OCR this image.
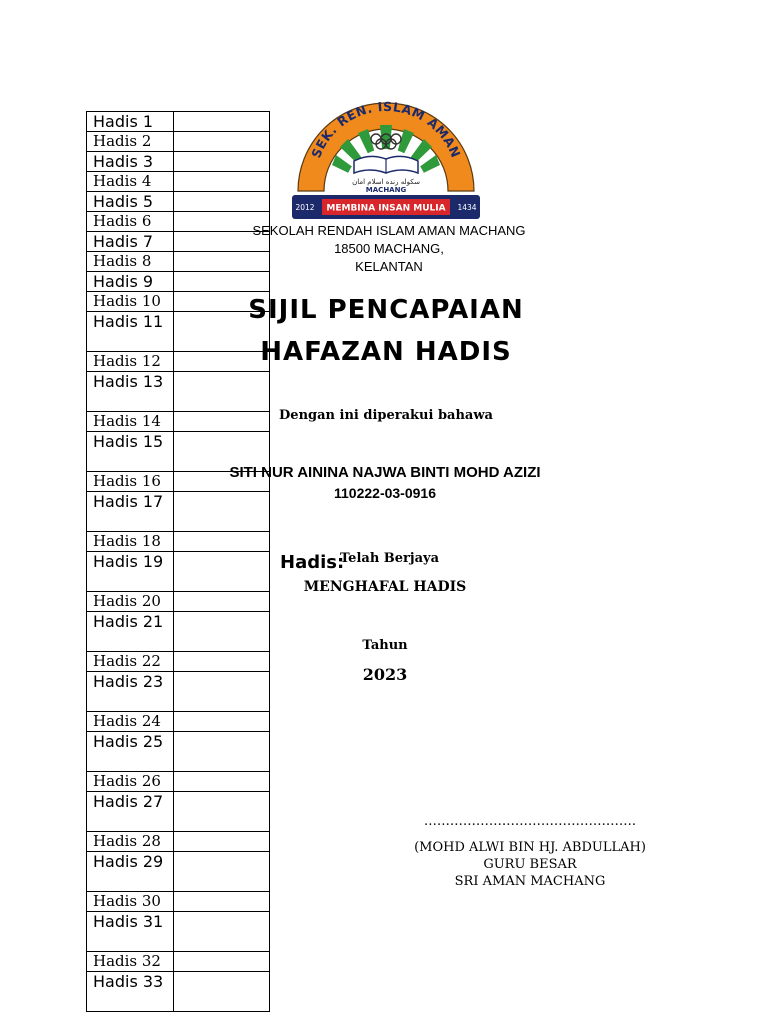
Hadis 1	
Hadis 2	
Hadis 3	
Hadis 4	
Hadis 5	
Hadis 6	
Hadis 7	
Hadis 8	
Hadis 9	
Hadis 10	
Hadis 11	
Hadis 12	
Hadis 13	
Hadis 14	
Hadis 15	
Hadis 16	
Hadis 17	
Hadis 18	
Hadis 19	
Hadis 20	
Hadis 21	
Hadis 22	
Hadis 23	
Hadis 24	
Hadis 25	
Hadis 26	
Hadis 27	
Hadis 28	
Hadis 29	
Hadis 30	
Hadis 31	
Hadis 32	
Hadis 33	
سکوله رنده اسلام امان
MACHANG
SEK. REN. ISLAM AMAN
MEMBINA INSAN MULIA
2012	1434
SEKOLAH RENDAH ISLAM AMAN MACHANG
18500 MACHANG,
KELANTAN
SIJIL PENCAPAIAN
HAFAZAN HADIS
Dengan ini diperakui bahawa
SITI NUR AININA NAJWA BINTI MOHD AZIZI
110222-03-0916
Hadis:
Telah Berjaya
MENGHAFAL HADIS
Tahun
2023
………………………………………….
(MOHD ALWI BIN HJ. ABDULLAH)
GURU BESAR
SRI AMAN MACHANG
